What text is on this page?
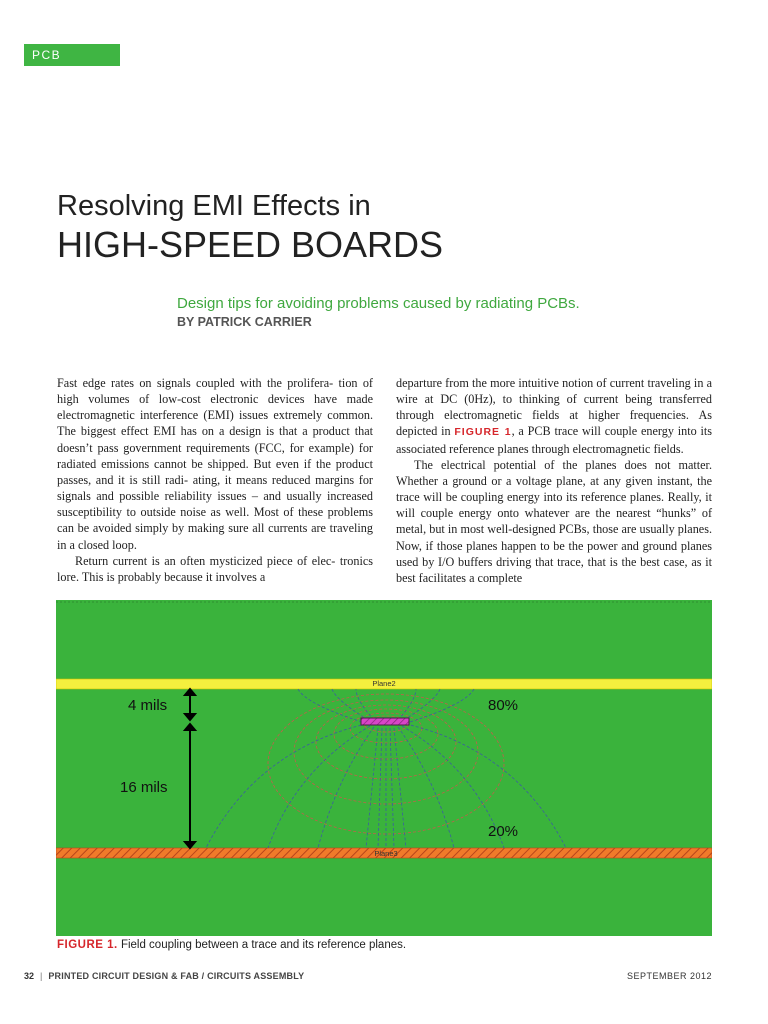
PCB DESIGN
Resolving EMI Effects in
HIGH-SPEED BOARDS
Design tips for avoiding problems caused by radiating PCBs.
BY PATRICK CARRIER

Fast edge rates on signals coupled with the prolifera- tion of high volumes of low-cost electronic devices have made electromagnetic interference (EMI) issues extremely common. The biggest effect EMI has on a design is that a product that doesn’t pass government requirements (FCC, for example) for radiated emissions cannot be shipped. But even if the product passes, and it is still radi- ating, it means reduced margins for signals and possible reliability issues – and usually increased susceptibility to outside noise as well. Most of these problems can be avoided simply by making sure all currents are traveling in a closed loop.

Return current is an often mysticized piece of elec- tronics lore. This is probably because it involves a

departure from the more intuitive notion of current traveling in a wire at DC (0Hz), to thinking of current being transferred through electromagnetic fields at higher frequencies. As depicted in FIGURE 1, a PCB trace will couple energy into its associated reference planes through electromagnetic fields.

The electrical potential of the planes does not matter. Whether a ground or a voltage plane, at any given instant, the trace will be coupling energy into its reference planes. Really, it will couple energy onto whatever are the nearest “hunks” of metal, but in most well-designed PCBs, those are usually planes. Now, if those planes happen to be the power and ground planes used by I/O buffers driving that trace, that is the best case, as it best facilitates a complete

Plane2
Plane3
4 mils
16 mils
80%
20%
FIGURE 1. Field coupling between a trace and its reference planes.
32 | PRINTED CIRCUIT DESIGN & FAB / CIRCUITS ASSEMBLY	SEPTEMBER 2012
